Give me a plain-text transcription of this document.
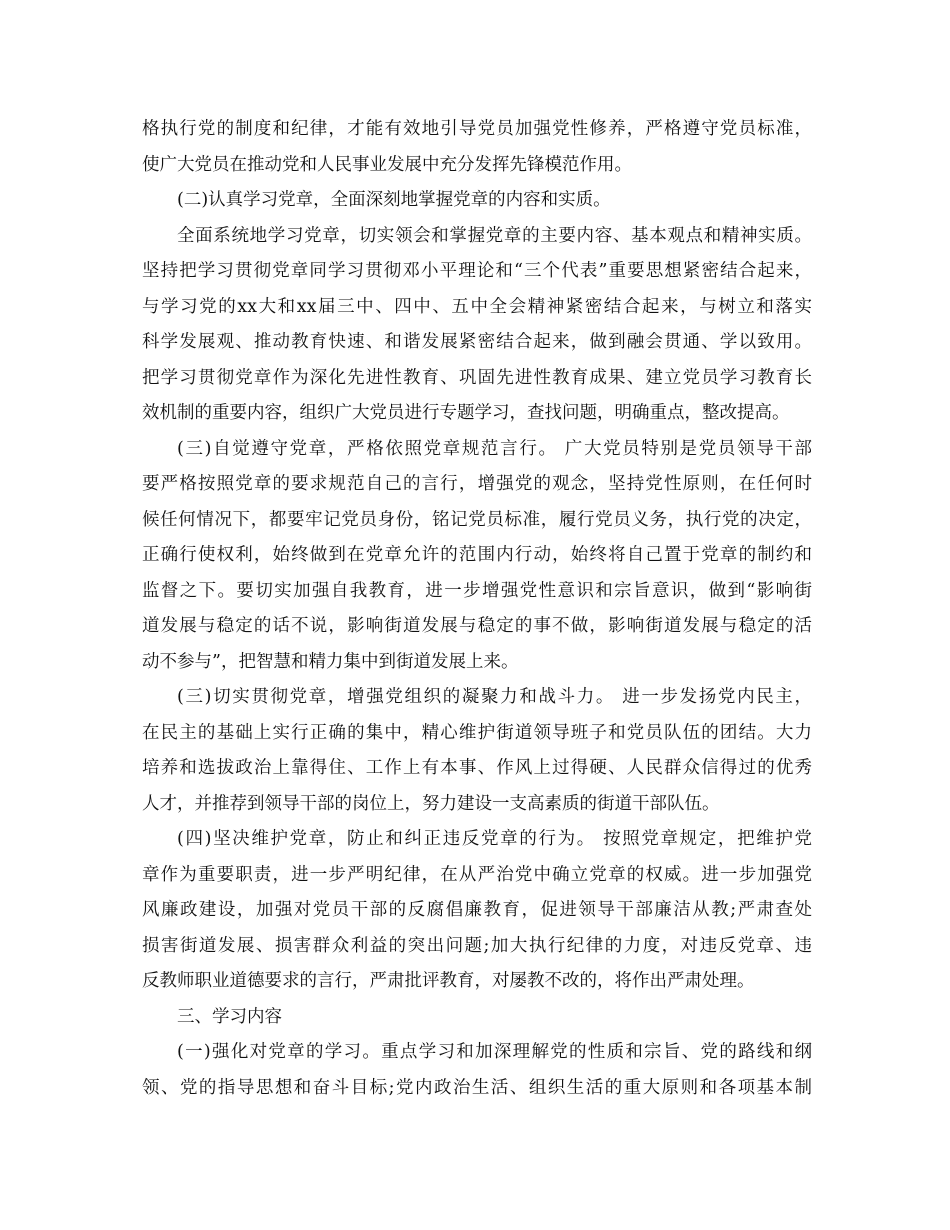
格执行党的制度和纪律，才能有效地引导党员加强党性修养，严格遵守党员标准，
使广大党员在推动党和人民事业发展中充分发挥先锋模范作用。
(二)认真学习党章，全面深刻地掌握党章的内容和实质。
全面系统地学习党章，切实领会和掌握党章的主要内容、基本观点和精神实质。
坚持把学习贯彻党章同学习贯彻邓小平理论和“三个代表”重要思想紧密结合起来，
与学习党的xx大和xx届三中、四中、五中全会精神紧密结合起来，与树立和落实
科学发展观、推动教育快速、和谐发展紧密结合起来，做到融会贯通、学以致用。
把学习贯彻党章作为深化先进性教育、巩固先进性教育成果、建立党员学习教育长
效机制的重要内容，组织广大党员进行专题学习，查找问题，明确重点，整改提高。
(三)自觉遵守党章，严格依照党章规范言行。 广大党员特别是党员领导干部
要严格按照党章的要求规范自己的言行，增强党的观念，坚持党性原则，在任何时
候任何情况下，都要牢记党员身份，铭记党员标准，履行党员义务，执行党的决定，
正确行使权利，始终做到在党章允许的范围内行动，始终将自己置于党章的制约和
监督之下。要切实加强自我教育，进一步增强党性意识和宗旨意识，做到“影响街
道发展与稳定的话不说，影响街道发展与稳定的事不做，影响街道发展与稳定的活
动不参与”，把智慧和精力集中到街道发展上来。
(三)切实贯彻党章，增强党组织的凝聚力和战斗力。 进一步发扬党内民主，
在民主的基础上实行正确的集中，精心维护街道领导班子和党员队伍的团结。大力
培养和选拔政治上靠得住、工作上有本事、作风上过得硬、人民群众信得过的优秀
人才，并推荐到领导干部的岗位上，努力建设一支高素质的街道干部队伍。
(四)坚决维护党章，防止和纠正违反党章的行为。 按照党章规定，把维护党
章作为重要职责，进一步严明纪律，在从严治党中确立党章的权威。进一步加强党
风廉政建设，加强对党员干部的反腐倡廉教育，促进领导干部廉洁从教;严肃查处
损害街道发展、损害群众利益的突出问题;加大执行纪律的力度，对违反党章、违
反教师职业道德要求的言行，严肃批评教育，对屡教不改的，将作出严肃处理。
三、学习内容
(一)强化对党章的学习。重点学习和加深理解党的性质和宗旨、党的路线和纲
领、党的指导思想和奋斗目标;党内政治生活、组织生活的重大原则和各项基本制
